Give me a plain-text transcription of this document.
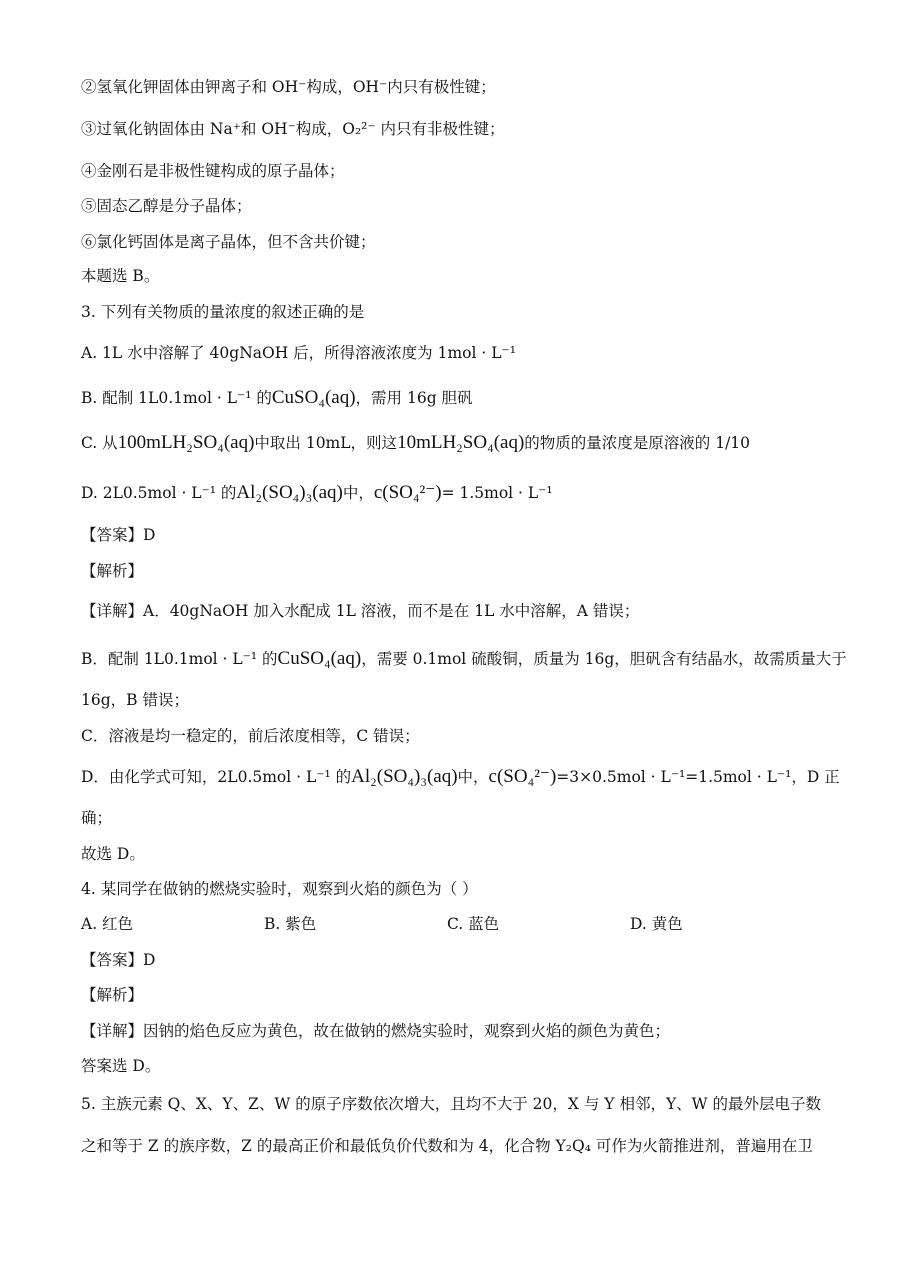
②氢氧化钾固体由钾离子和 OH⁻构成，OH⁻内只有极性键；
③过氧化钠固体由 Na⁺和 OH⁻构成，O₂²⁻ 内只有非极性键；
④金刚石是非极性键构成的原子晶体；
⑤固态乙醇是分子晶体；
⑥氯化钙固体是离子晶体，但不含共价键；
本题选 B。
3. 下列有关物质的量浓度的叙述正确的是
A. 1L 水中溶解了 40gNaOH 后，所得溶液浓度为 1mol · L⁻¹
B. 配制 1L0.1mol · L⁻¹ 的CuSO₄(aq)，需用 16g 胆矾
C. 从100mLH₂SO₄(aq)中取出 10mL，则这10mLH₂SO₄(aq)的物质的量浓度是原溶液的 1/10
D. 2L0.5mol · L⁻¹ 的Al₂(SO₄)₃(aq)中，c(SO₄²⁻)= 1.5mol · L⁻¹
【答案】D
【解析】
【详解】A．40gNaOH 加入水配成 1L 溶液，而不是在 1L 水中溶解，A 错误；
B．配制 1L0.1mol · L⁻¹ 的CuSO₄(aq)，需要 0.1mol 硫酸铜，质量为 16g，胆矾含有结晶水，故需质量大于
16g，B 错误；
C．溶液是均一稳定的，前后浓度相等，C 错误；
D．由化学式可知，2L0.5mol · L⁻¹ 的Al₂(SO₄)₃(aq)中，c(SO₄²⁻)=3×0.5mol · L⁻¹=1.5mol · L⁻¹，D 正
确；
故选 D。
4. 某同学在做钠的燃烧实验时，观察到火焰的颜色为（ ）
A. 红色	B. 紫色	C. 蓝色	D. 黄色
【答案】D
【解析】
【详解】因钠的焰色反应为黄色，故在做钠的燃烧实验时，观察到火焰的颜色为黄色；
答案选 D。
5. 主族元素 Q、X、Y、Z、W 的原子序数依次增大，且均不大于 20，X 与 Y 相邻，Y、W 的最外层电子数
之和等于 Z 的族序数，Z 的最高正价和最低负价代数和为 4，化合物 Y₂Q₄ 可作为火箭推进剂，普遍用在卫
